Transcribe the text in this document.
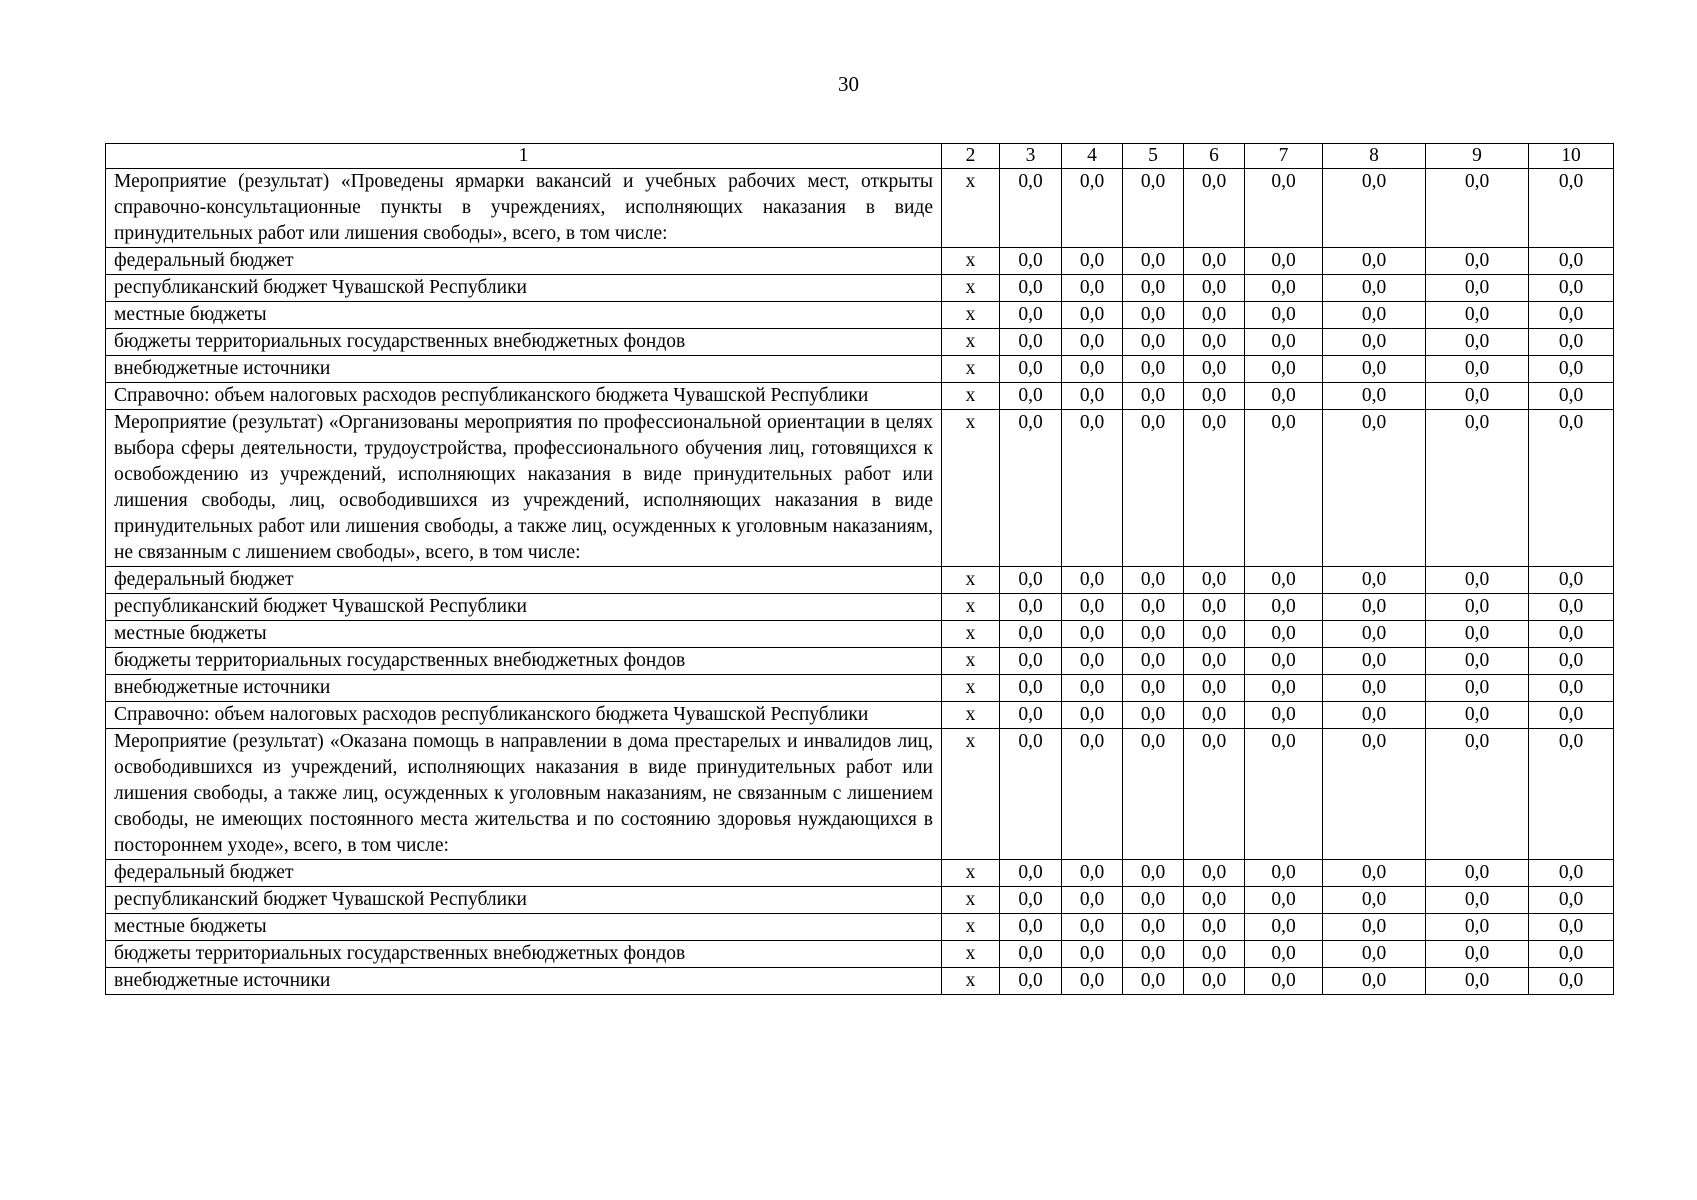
30
1	2	3	4	5	6	7	8	9	10
Мероприятие (результат) «Проведены ярмарки вакансий и учебных рабочих мест, открыты справочно-консультационные пункты в учреждениях, исполняющих наказания в виде принудительных работ или лишения свободы», всего, в том числе:	х	0,0	0,0	0,0	0,0	0,0	0,0	0,0	0,0
федеральный бюджет	х	0,0	0,0	0,0	0,0	0,0	0,0	0,0	0,0
республиканский бюджет Чувашской Республики	х	0,0	0,0	0,0	0,0	0,0	0,0	0,0	0,0
местные бюджеты	х	0,0	0,0	0,0	0,0	0,0	0,0	0,0	0,0
бюджеты территориальных государственных внебюджетных фондов	х	0,0	0,0	0,0	0,0	0,0	0,0	0,0	0,0
внебюджетные источники	х	0,0	0,0	0,0	0,0	0,0	0,0	0,0	0,0
Справочно: объем налоговых расходов республиканского бюджета Чувашской Республики	х	0,0	0,0	0,0	0,0	0,0	0,0	0,0	0,0
Мероприятие (результат) «Организованы мероприятия по профессиональной ориентации в целях выбора сферы деятельности, трудоустройства, профессионального обучения лиц, готовящихся к освобождению из учреждений, исполняющих наказания в виде принудительных работ или лишения свободы, лиц, освободившихся из учреждений, исполняющих наказания в виде принудительных работ или лишения свободы, а также лиц, осужденных к уголовным наказаниям, не связанным с лишением свободы», всего, в том числе:	х	0,0	0,0	0,0	0,0	0,0	0,0	0,0	0,0
федеральный бюджет	х	0,0	0,0	0,0	0,0	0,0	0,0	0,0	0,0
республиканский бюджет Чувашской Республики	х	0,0	0,0	0,0	0,0	0,0	0,0	0,0	0,0
местные бюджеты	х	0,0	0,0	0,0	0,0	0,0	0,0	0,0	0,0
бюджеты территориальных государственных внебюджетных фондов	х	0,0	0,0	0,0	0,0	0,0	0,0	0,0	0,0
внебюджетные источники	х	0,0	0,0	0,0	0,0	0,0	0,0	0,0	0,0
Справочно: объем налоговых расходов республиканского бюджета Чувашской Республики	х	0,0	0,0	0,0	0,0	0,0	0,0	0,0	0,0
Мероприятие (результат) «Оказана помощь в направлении в дома престарелых и инвалидов лиц, освободившихся из учреждений, исполняющих наказания в виде принудительных работ или лишения свободы, а также лиц, осужденных к уголовным наказаниям, не связанным с лишением свободы, не имеющих постоянного места жительства и по состоянию здоровья нуждающихся в постороннем уходе», всего, в том числе:	х	0,0	0,0	0,0	0,0	0,0	0,0	0,0	0,0
федеральный бюджет	х	0,0	0,0	0,0	0,0	0,0	0,0	0,0	0,0
республиканский бюджет Чувашской Республики	х	0,0	0,0	0,0	0,0	0,0	0,0	0,0	0,0
местные бюджеты	х	0,0	0,0	0,0	0,0	0,0	0,0	0,0	0,0
бюджеты территориальных государственных внебюджетных фондов	х	0,0	0,0	0,0	0,0	0,0	0,0	0,0	0,0
внебюджетные источники	х	0,0	0,0	0,0	0,0	0,0	0,0	0,0	0,0
